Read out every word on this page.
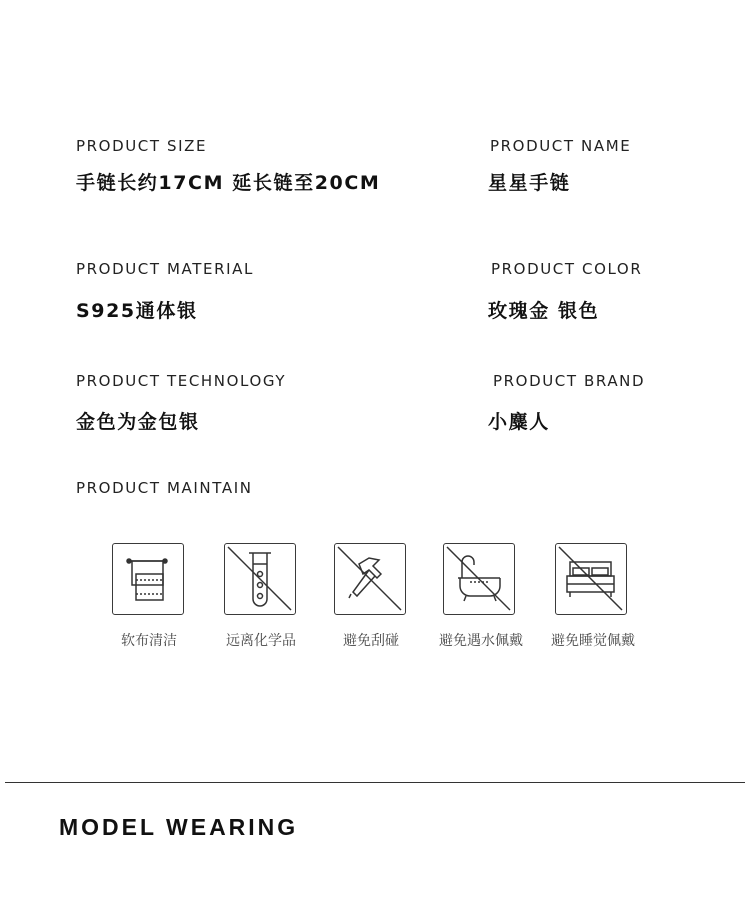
PRODUCT SIZE
手链长约17CM 延长链至20CM
PRODUCT NAME
星星手链
PRODUCT MATERIAL
S925通体银
PRODUCT COLOR
玫瑰金 银色
PRODUCT TECHNOLOGY
金色为金包银
PRODUCT BRAND
小麋人
PRODUCT MAINTAIN
软布清洁	远离化学品	避免刮碰	避免遇水佩戴	避免睡觉佩戴
MODEL WEARING
